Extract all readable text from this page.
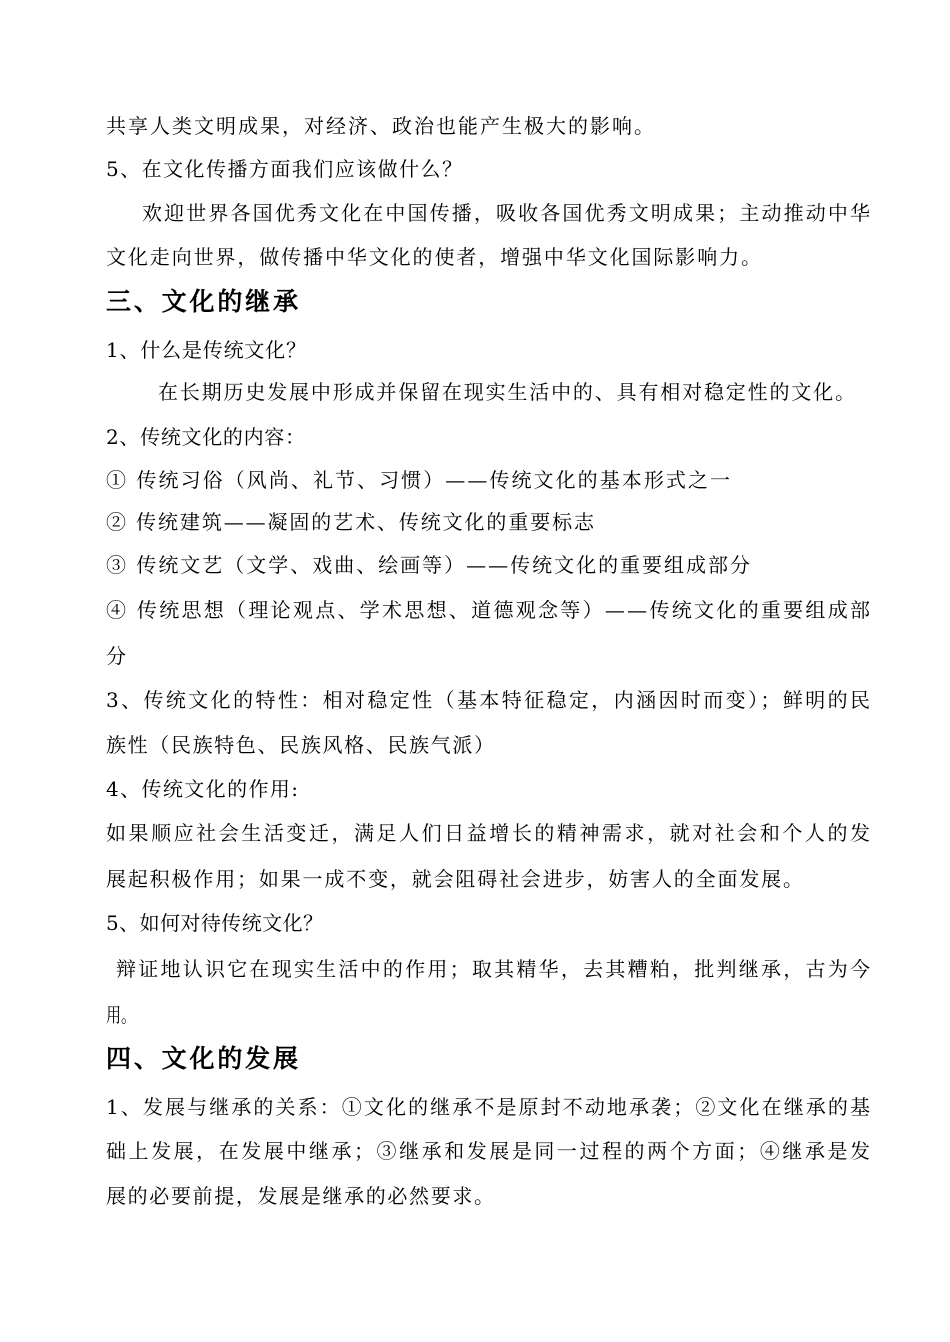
共享人类文明成果，对经济、政治也能产生极大的影响。

5、在文化传播方面我们应该做什么？

欢迎世界各国优秀文化在中国传播，吸收各国优秀文明成果；主动推动中华

文化走向世界，做传播中华文化的使者，增强中华文化国际影响力。

三、文化的继承

1、什么是传统文化？

在长期历史发展中形成并保留在现实生活中的、具有相对稳定性的文化。

2、传统文化的内容：

① 传统习俗（风尚、礼节、习惯）——传统文化的基本形式之一

② 传统建筑——凝固的艺术、传统文化的重要标志

③ 传统文艺（文学、戏曲、绘画等）——传统文化的重要组成部分

④ 传统思想（理论观点、学术思想、道德观念等）——传统文化的重要组成部

分

3、传统文化的特性：相对稳定性（基本特征稳定，内涵因时而变）；鲜明的民

族性（民族特色、民族风格、民族气派）

4、传统文化的作用:

如果顺应社会生活变迁，满足人们日益增长的精神需求，就对社会和个人的发

展起积极作用；如果一成不变，就会阻碍社会进步，妨害人的全面发展。

5、如何对待传统文化？

辩证地认识它在现实生活中的作用；取其精华，去其糟粕，批判继承，古为今

用。

四、文化的发展

1、发展与继承的关系：①文化的继承不是原封不动地承袭；②文化在继承的基

础上发展，在发展中继承；③继承和发展是同一过程的两个方面；④继承是发

展的必要前提，发展是继承的必然要求。
